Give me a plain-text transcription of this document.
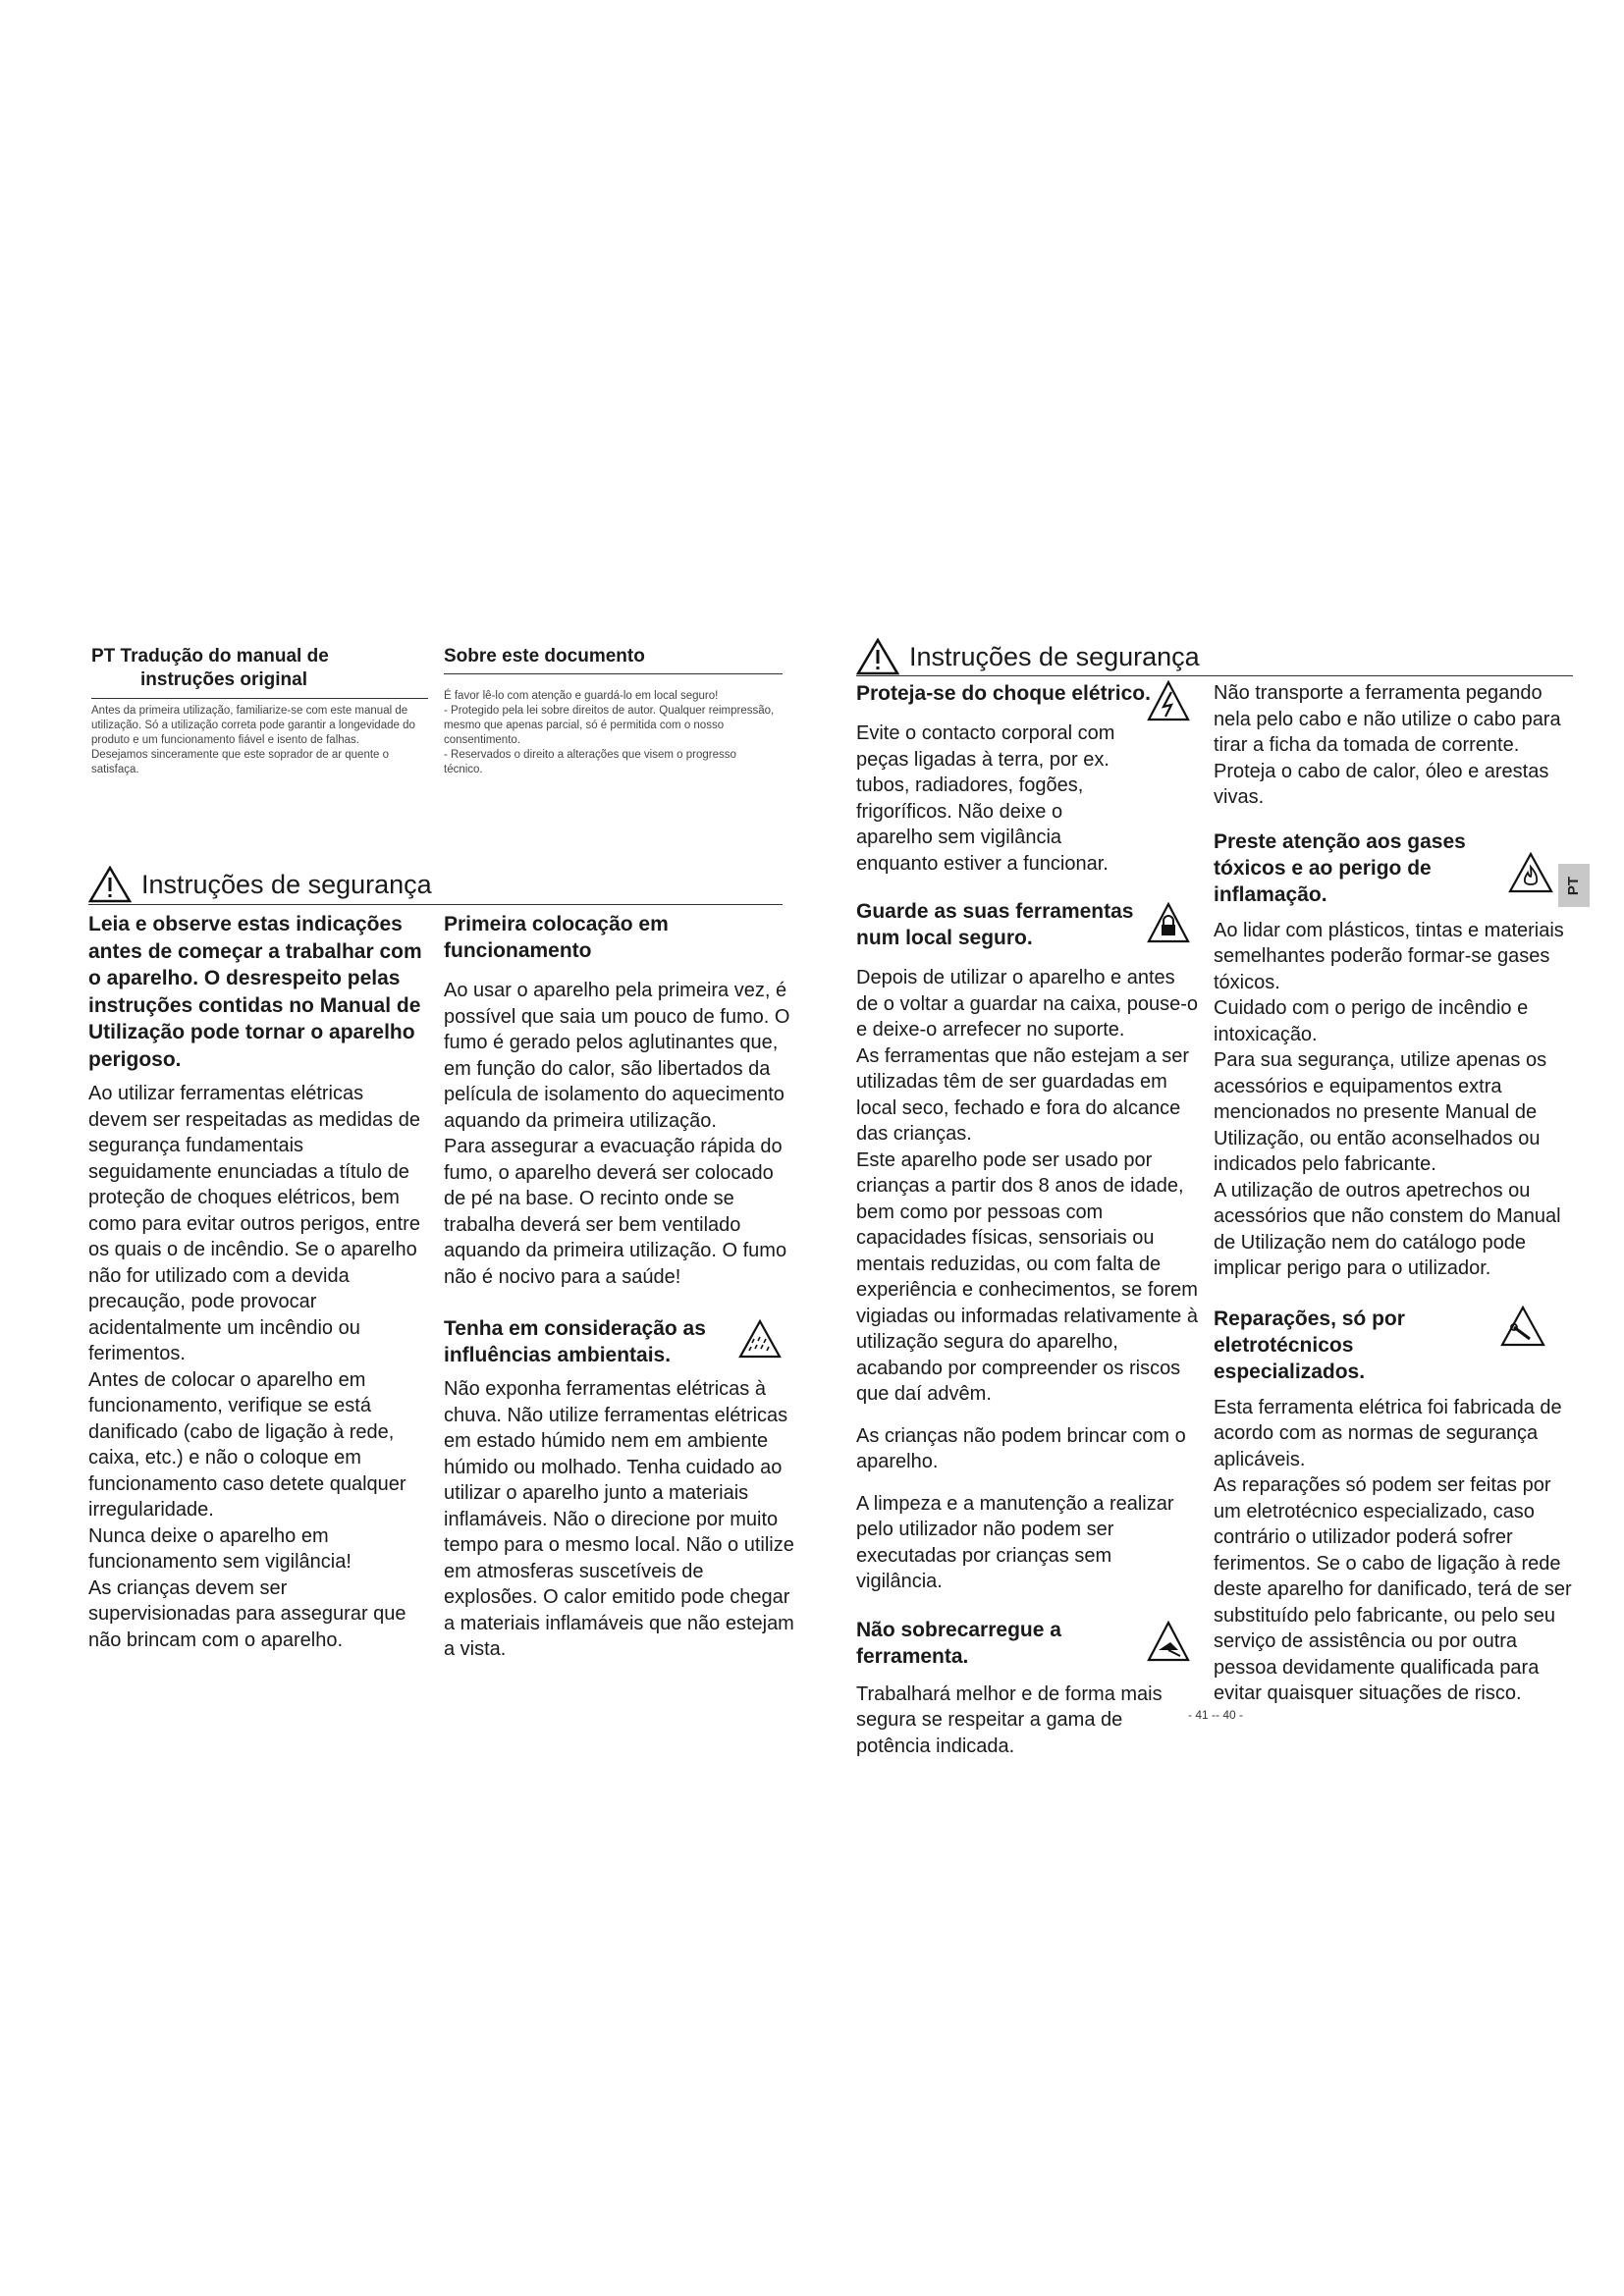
PT Tradução do manual de
instruções original
Sobre este documento
Antes da primeira utilização, familiarize-se com este manual de utilização. Só a utilização correta pode garantir a longevidade do produto e um funcionamento fiável e isento de falhas.
Desejamos sinceramente que este soprador de ar quente o satisfaça.
É favor lê-lo com atenção e guardá-lo em local seguro!
- Protegido pela lei sobre direitos de autor. Qualquer reimpressão, mesmo que apenas parcial, só é permitida com o nosso consentimento.
- Reservados o direito a alterações que visem o progresso técnico.
Instruções de segurança

Leia e observe estas indicações antes de começar a trabalhar com o aparelho. O desrespeito pelas instruções contidas no Manual de Utilização pode tornar o aparelho perigoso.

Ao utilizar ferramentas elétricas devem ser respeitadas as medidas de segurança fundamentais seguidamente enunciadas a título de proteção de choques elétricos, bem como para evitar outros perigos, entre os quais o de incêndio. Se o aparelho não for utilizado com a devida precaução, pode provocar acidentalmente um incêndio ou ferimentos.

Antes de colocar o aparelho em funcionamento, verifique se está danificado (cabo de ligação à rede, caixa, etc.) e não o coloque em funcionamento caso detete qualquer irregularidade.

Nunca deixe o aparelho em funcionamento sem vigilância!

As crianças devem ser supervisionadas para assegurar que não brincam com o aparelho.

Primeira colocação em funcionamento

Ao usar o aparelho pela primeira vez, é possível que saia um pouco de fumo. O fumo é gerado pelos aglutinantes que, em função do calor, são libertados da película de isolamento do aquecimento aquando da primeira utilização.

Para assegurar a evacuação rápida do fumo, o aparelho deverá ser colocado de pé na base. O recinto onde se trabalha deverá ser bem ventilado aquando da primeira utilização. O fumo não é nocivo para a saúde!

Tenha em consideração as influências ambientais.

Não exponha ferramentas elétricas à chuva. Não utilize ferramentas elétricas em estado húmido nem em ambiente húmido ou molhado. Tenha cuidado ao utilizar o aparelho junto a materiais inflamáveis. Não o direcione por muito tempo para o mesmo local. Não o utilize em atmosferas suscetíveis de explosões. O calor emitido pode chegar a materiais inflamáveis que não estejam a vista.

Instruções de segurança

Proteja-se do choque elétrico.

Evite o contacto corporal com peças ligadas à terra, por ex. tubos, radiadores, fogões, frigoríficos. Não deixe o aparelho sem vigilância enquanto estiver a funcionar.

Guarde as suas ferramentas num local seguro.

Depois de utilizar o aparelho e antes de o voltar a guardar na caixa, pouse-o e deixe-o arrefecer no suporte.

As ferramentas que não estejam a ser utilizadas têm de ser guardadas em local seco, fechado e fora do alcance das crianças.

Este aparelho pode ser usado por crianças a partir dos 8 anos de idade, bem como por pessoas com capacidades físicas, sensoriais ou mentais reduzidas, ou com falta de experiência e conhecimentos, se forem vigiadas ou informadas relativamente à utilização segura do aparelho, acabando por compreender os riscos que daí advêm.

As crianças não podem brincar com o aparelho.

A limpeza e a manutenção a realizar pelo utilizador não podem ser executadas por crianças sem vigilância.

Não sobrecarregue a ferramenta.

Trabalhará melhor e de forma mais segura se respeitar a gama de potência indicada.

Não transporte a ferramenta pegando nela pelo cabo e não utilize o cabo para tirar a ficha da tomada de corrente.

Proteja o cabo de calor, óleo e arestas vivas.

Preste atenção aos gases tóxicos e ao perigo de inflamação.

Ao lidar com plásticos, tintas e materiais semelhantes poderão formar-se gases tóxicos.

Cuidado com o perigo de incêndio e intoxicação.

Para sua segurança, utilize apenas os acessórios e equipamentos extra mencionados no presente Manual de Utilização, ou então aconselhados ou indicados pelo fabricante.

A utilização de outros apetrechos ou acessórios que não constem do Manual de Utilização nem do catálogo pode implicar perigo para o utilizador.

Reparações, só por eletrotécnicos especializados.

Esta ferramenta elétrica foi fabricada de acordo com as normas de segurança aplicáveis.

As reparações só podem ser feitas por um eletrotécnico especializado, caso contrário o utilizador poderá sofrer ferimentos. Se o cabo de ligação à rede deste aparelho for danificado, terá de ser substituído pelo fabricante, ou pelo seu serviço de assistência ou por outra pessoa devidamente qualificada para evitar quaisquer situações de risco.

PT
- 41 -- 40 -
